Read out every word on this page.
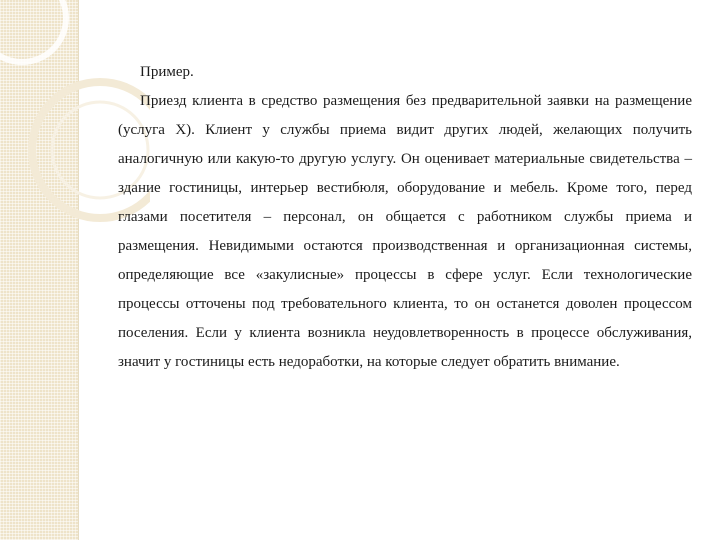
Пример.

Приезд клиента в средство размещения без предварительной заявки на размещение (услуга X). Клиент у службы приема видит других людей, желающих получить аналогичную или какую-то другую услугу. Он оценивает материальные свидетельства – здание гостиницы, интерьер вестибюля, оборудование и мебель. Кроме того, перед глазами посетителя – персонал, он общается с работником службы приема и размещения. Невидимыми остаются производственная и организационная системы, определяющие все «закулисные» процессы в сфере услуг. Если технологические процессы отточены под требовательного клиента, то он останется доволен процессом поселения. Если у клиента возникла неудовлетворенность в процессе обслуживания, значит у гостиницы есть недоработки, на которые следует обратить внимание.
